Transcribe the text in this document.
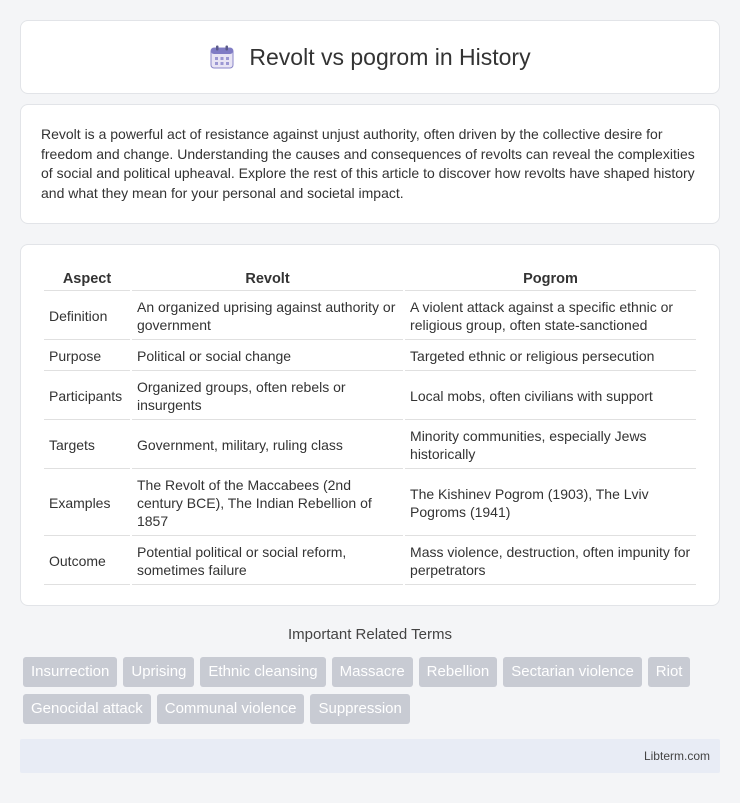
Revolt vs pogrom in History

Revolt is a powerful act of resistance against unjust authority, often driven by the collective desire for freedom and change. Understanding the causes and consequences of revolts can reveal the complexities of social and political upheaval. Explore the rest of this article to discover how revolts have shaped history and what they mean for your personal and societal impact.

Aspect	Revolt	Pogrom
Definition	An organized uprising against authority or government	A violent attack against a specific ethnic or religious group, often state-sanctioned
Purpose	Political or social change	Targeted ethnic or religious persecution
Participants	Organized groups, often rebels or insurgents	Local mobs, often civilians with support
Targets	Government, military, ruling class	Minority communities, especially Jews historically
Examples	The Revolt of the Maccabees (2nd century BCE), The Indian Rebellion of 1857	The Kishinev Pogrom (1903), The Lviv Pogroms (1941)
Outcome	Potential political or social reform, sometimes failure	Mass violence, destruction, often impunity for perpetrators
Important Related Terms
Insurrection	Uprising	Ethnic cleansing	Massacre	Rebellion	Sectarian violence	Riot
Genocidal attack	Communal violence	Suppression
Libterm.com
